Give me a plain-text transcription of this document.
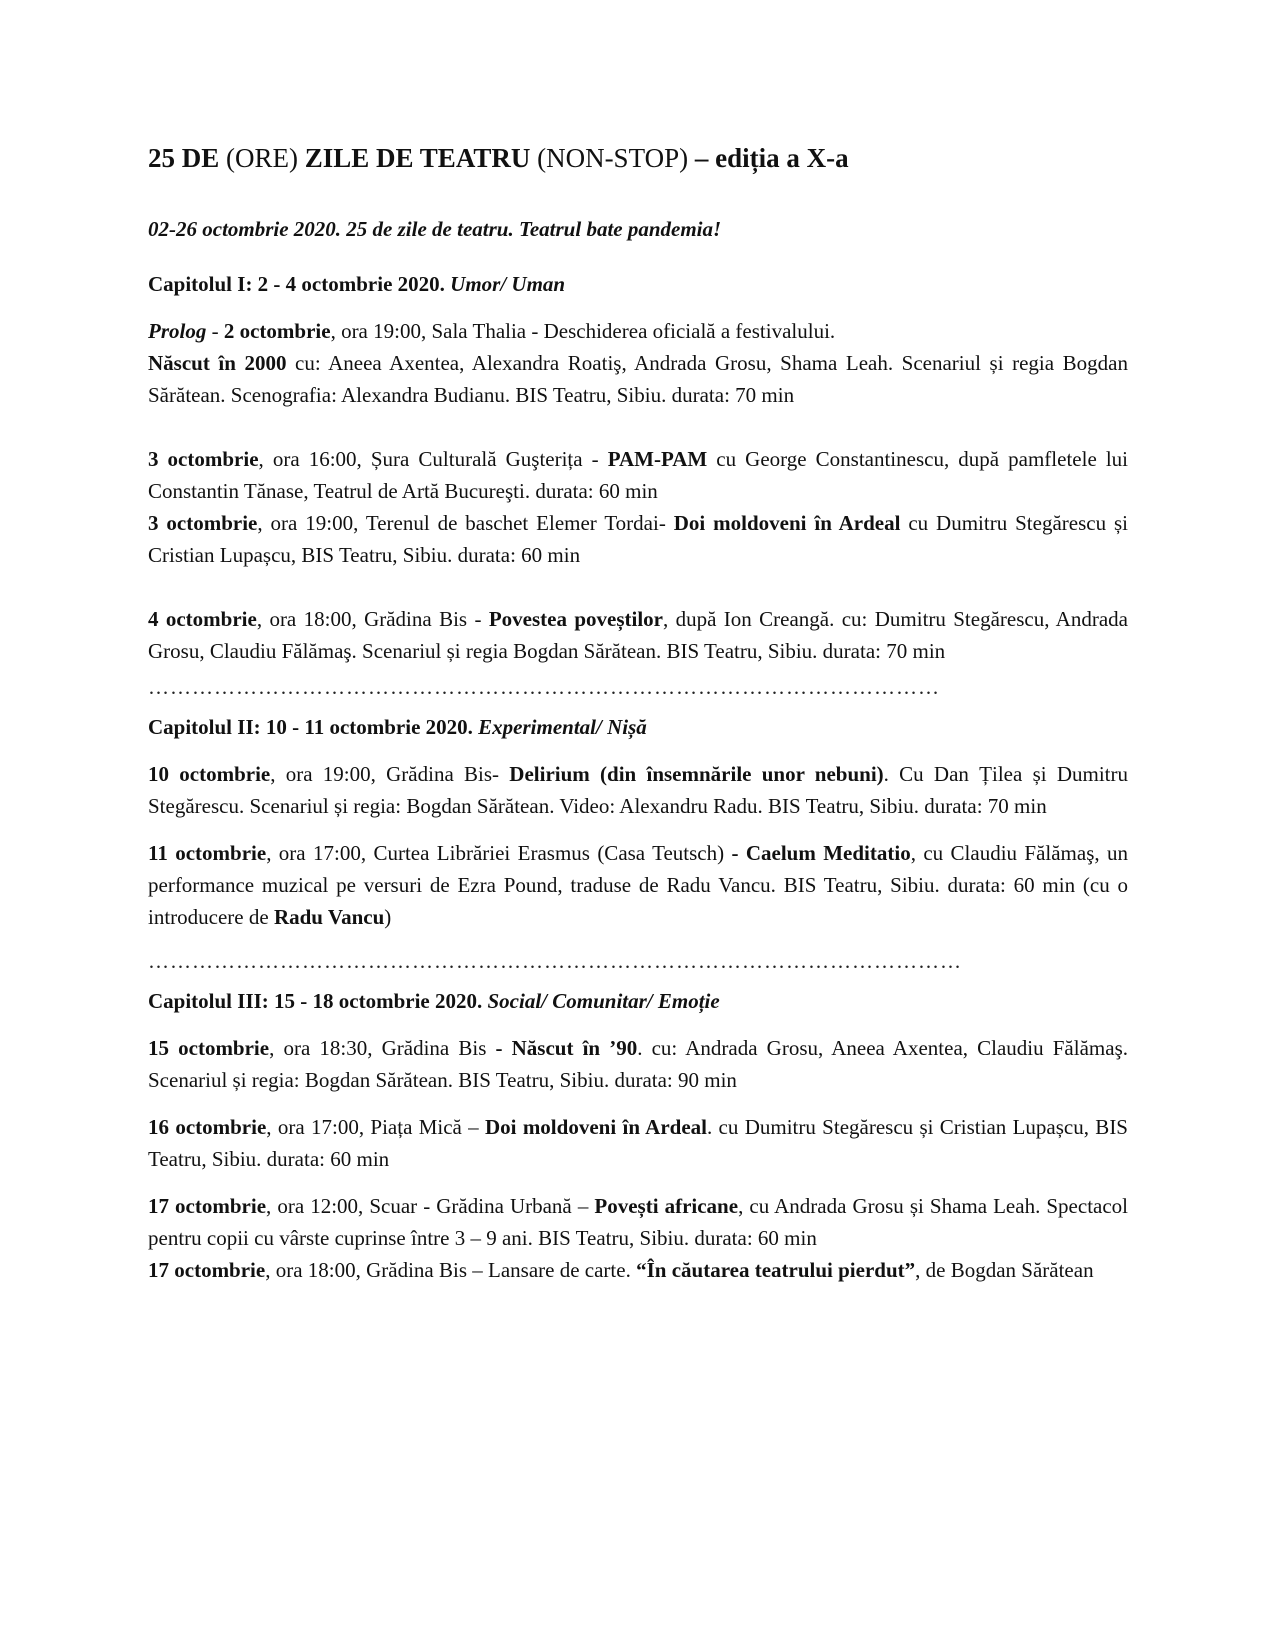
25 DE (ORE) ZILE DE TEATRU (NON-STOP) – ediția a X-a

02-26 octombrie 2020. 25 de zile de teatru. Teatrul bate pandemia!

Capitolul I: 2 - 4 octombrie 2020. Umor/ Uman

Prolog - 2 octombrie, ora 19:00, Sala Thalia - Deschiderea oficială a festivalului.

Născut în 2000 cu: Aneea Axentea, Alexandra Roatiş, Andrada Grosu, Shama Leah. Scenariul și regia Bogdan Sărătean. Scenografia: Alexandra Budianu. BIS Teatru, Sibiu. durata: 70 min

3 octombrie, ora 16:00, Șura Culturală Guşterița - PAM-PAM cu George Constantinescu, după pamfletele lui Constantin Tănase, Teatrul de Artă Bucureşti. durata: 60 min

3 octombrie, ora 19:00, Terenul de baschet Elemer Tordai- Doi moldoveni în Ardeal cu Dumitru Stegărescu și Cristian Lupașcu, BIS Teatru, Sibiu. durata: 60 min

4 octombrie, ora 18:00, Grădina Bis - Povestea poveștilor, după Ion Creangă. cu: Dumitru Stegărescu, Andrada Grosu, Claudiu Fălămaş. Scenariul și regia Bogdan Sărătean. BIS Teatru, Sibiu. durata: 70 min

………………………………………………………………………………………………

Capitolul II: 10 - 11 octombrie 2020. Experimental/ Nișă

10 octombrie, ora 19:00, Grădina Bis- Delirium (din însemnările unor nebuni). Cu Dan Țilea și Dumitru Stegărescu. Scenariul și regia: Bogdan Sărătean. Video: Alexandru Radu. BIS Teatru, Sibiu. durata: 70 min

11 octombrie, ora 17:00, Curtea Librăriei Erasmus (Casa Teutsch) - Caelum Meditatio, cu Claudiu Fălămaş, un performance muzical pe versuri de Ezra Pound, traduse de Radu Vancu. BIS Teatru, Sibiu. durata: 60 min (cu o introducere de Radu Vancu)

…………………………………………………………………………………………………

Capitolul III: 15 - 18 octombrie 2020. Social/ Comunitar/ Emoție

15 octombrie, ora 18:30, Grădina Bis - Născut în ’90. cu: Andrada Grosu, Aneea Axentea, Claudiu Fălămaş. Scenariul și regia: Bogdan Sărătean. BIS Teatru, Sibiu. durata: 90 min

16 octombrie, ora 17:00, Piața Mică – Doi moldoveni în Ardeal. cu Dumitru Stegărescu și Cristian Lupașcu, BIS Teatru, Sibiu. durata: 60 min

17 octombrie, ora 12:00, Scuar - Grădina Urbană – Povești africane, cu Andrada Grosu și Shama Leah. Spectacol pentru copii cu vârste cuprinse între 3 – 9 ani. BIS Teatru, Sibiu. durata: 60 min

17 octombrie, ora 18:00, Grădina Bis – Lansare de carte. “În căutarea teatrului pierdut”, de Bogdan Sărătean
